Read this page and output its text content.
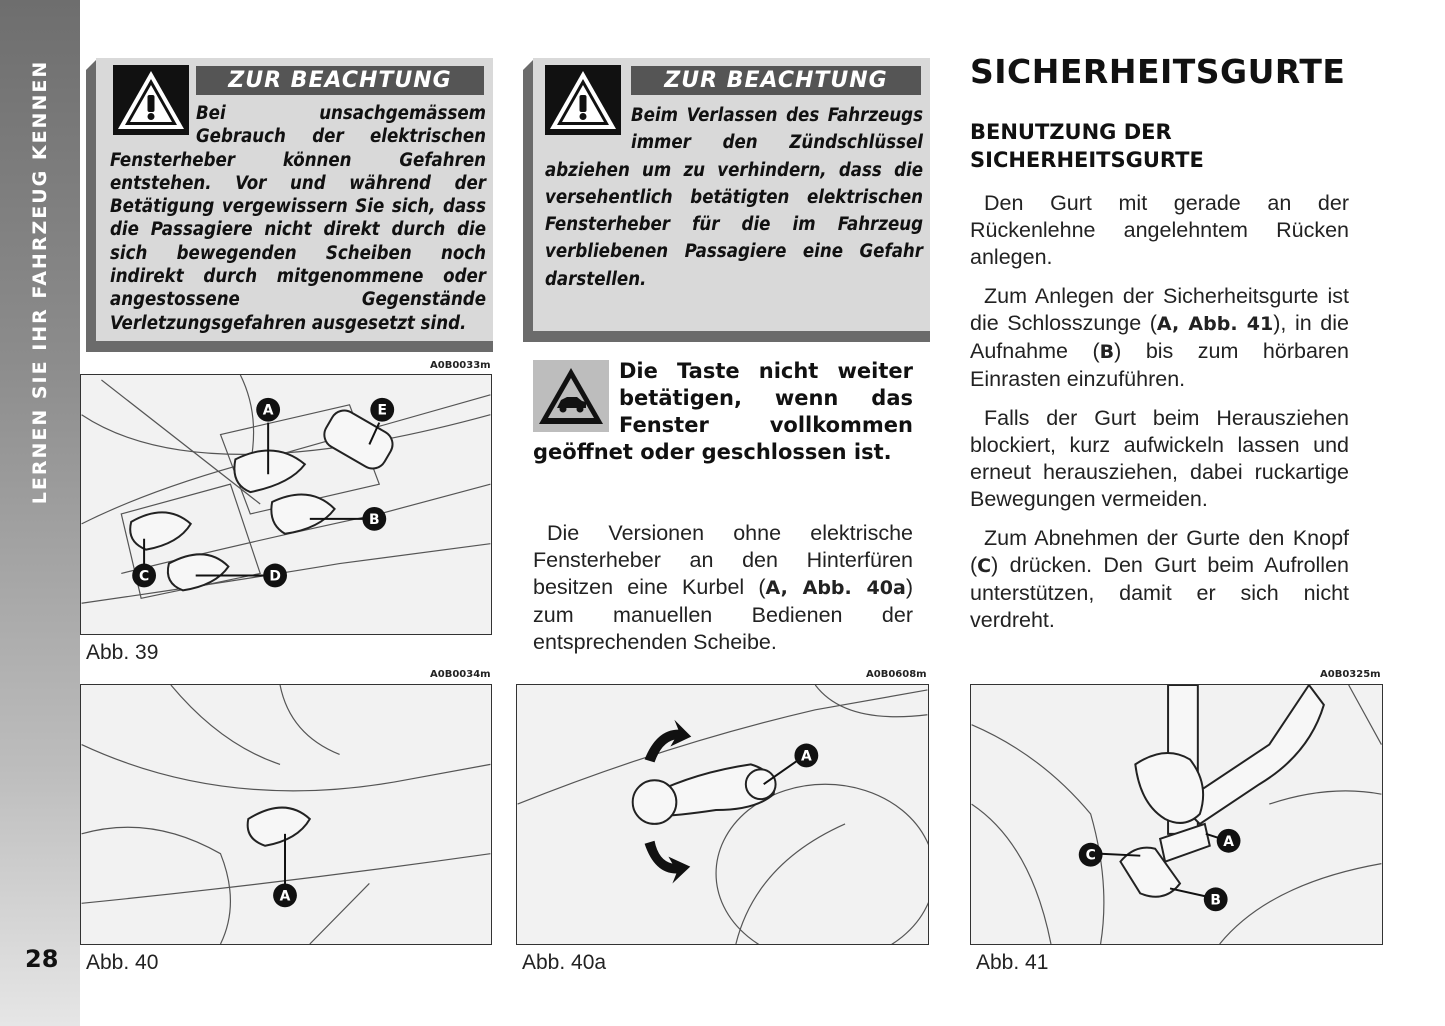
LERNEN SIE IHR FAHRZEUG KENNEN
28
ZUR BEACHTUNG
Bei unsachgemässem Gebrauch der elektrischen Fensterheber können Gefahren entstehen. Vor und während der Betätigung vergewissern Sie sich, dass die Passagiere nicht direkt durch die sich bewegenden Scheiben noch indirekt durch mitgenommene oder angestossene Gegenstände Verletzungsgefahren ausgesetzt sind.
ZUR BEACHTUNG
Beim Verlassen des Fahrzeugs immer den Zündschlüssel abziehen um zu verhindern, dass die versehentlich betätigten elektrischen Fensterheber für die im Fahrzeug verbliebenen Passagiere eine Gefahr darstellen.
Die Taste nicht weiter betätigen, wenn das Fenster vollkommen geöffnet oder geschlossen ist.

Die Versionen ohne elektrische Fensterheber an den Hinterfüren besitzen eine Kurbel (A, Abb. 40a) zum manuellen Bedienen der entsprechenden Scheibe.

SICHERHEITSGURTE
BENUTZUNG DER
SICHERHEITSGURTE

Den Gurt mit gerade an der Rückenlehne angelehntem Rücken anlegen.

Zum Anlegen der Sicherheitsgurte ist die Schlosszunge (A, Abb. 41), in die Aufnahme (B) bis zum hörbaren Einrasten einzuführen.

Falls der Gurt beim Herausziehen blockiert, kurz aufwickeln lassen und erneut herausziehen, dabei ruckartige Bewegungen vermeiden.

Zum Abnehmen der Gurte den Knopf (C) drücken. Den Gurt beim Aufrollen unterstützen, damit er sich nicht verdreht.

A0B0033m
A
B
C	D
E
Abb. 39
A0B0034m
A
Abb. 40
A0B0608m
A
Abb. 40a
A0B0325m
A
B
C
Abb. 41
